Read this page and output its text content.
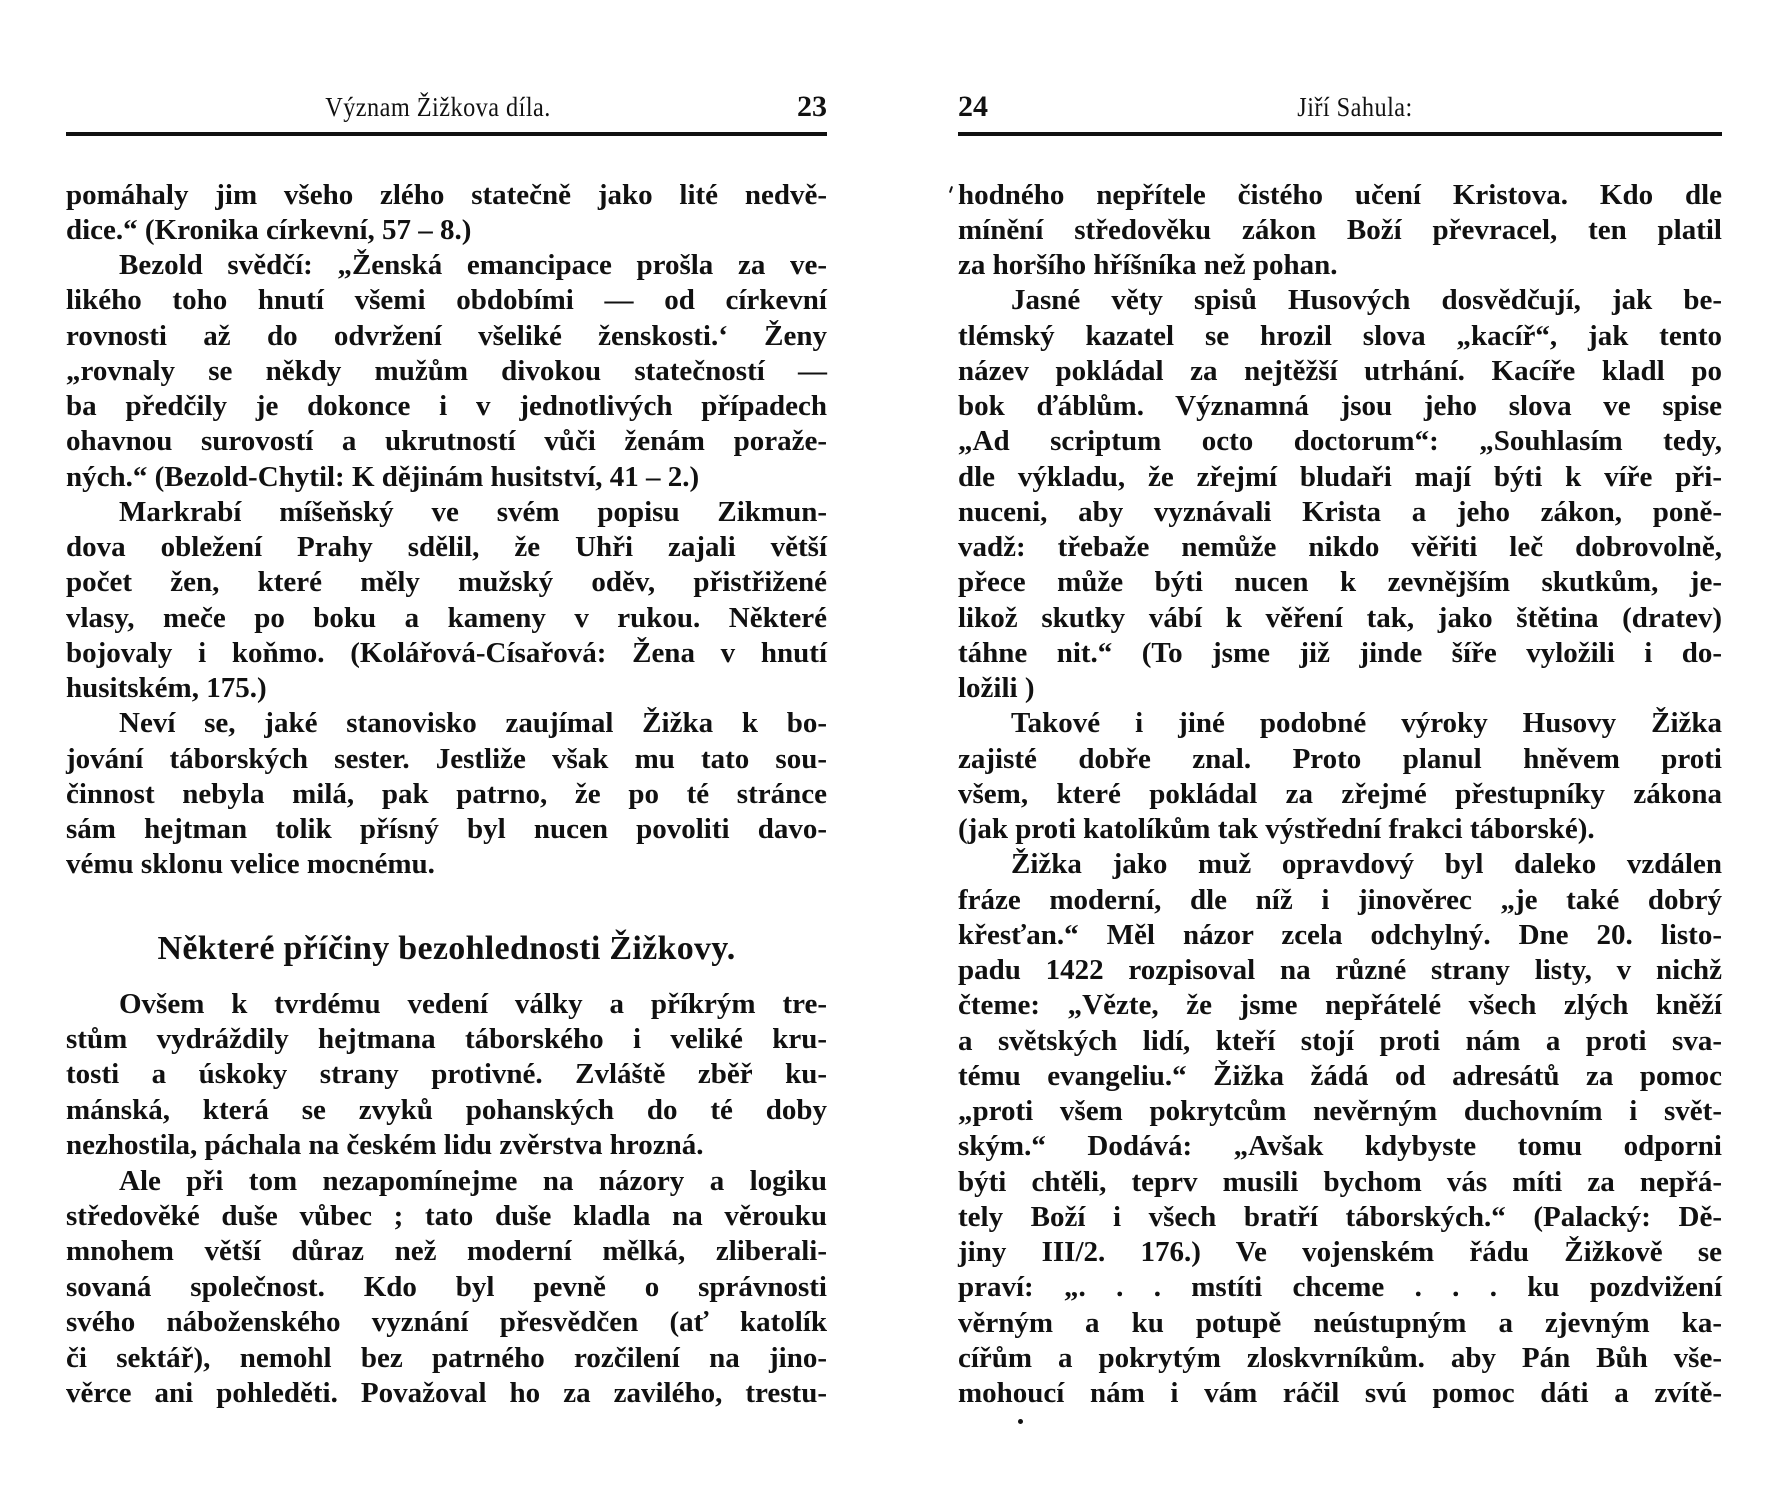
Význam Žižkova díla.	23
pomáhaly jim všeho zlého statečně jako lité nedvě-
dice.“ (Kronika církevní, 57 – 8.)
Bezold svědčí: „Ženská emancipace prošla za ve-
likého toho hnutí všemi obdobími — od církevní
rovnosti až do odvržení všeliké ženskosti.‘ Ženy
„rovnaly se někdy mužům divokou statečností —
ba předčily je dokonce i v jednotlivých případech
ohavnou surovostí a ukrutností vůči ženám poraže-
ných.“ (Bezold-Chytil: K dějinám husitství, 41 – 2.)
Markrabí míšeňský ve svém popisu Zikmun-
dova obležení Prahy sdělil, že Uhři zajali větší
počet žen, které měly mužský oděv, přistřižené
vlasy, meče po boku a kameny v rukou. Některé
bojovaly i koňmo. (Kolářová-Císařová: Žena v hnutí
husitském, 175.)
Neví se, jaké stanovisko zaujímal Žižka k bo-
jování táborských sester. Jestliže však mu tato sou-
činnost nebyla milá, pak patrno, že po té stránce
sám hejtman tolik přísný byl nucen povoliti davo-
vému sklonu velice mocnému.
Některé příčiny bezohlednosti Žižkovy.
Ovšem k tvrdému vedení války a příkrým tre-
stům vydráždily hejtmana táborského i veliké kru-
tosti a úskoky strany protivné. Zvláště zběř ku-
mánská, která se zvyků pohanských do té doby
nezhostila, páchala na českém lidu zvěrstva hrozná.
Ale při tom nezapomínejme na názory a logiku
středověké duše vůbec ; tato duše kladla na věrouku
mnohem větší důraz než moderní mělká, zliberali-
sovaná společnost. Kdo byl pevně o správnosti
svého náboženského vyznání přesvědčen (ať katolík
či sektář), nemohl bez patrného rozčilení na jino-
věrce ani pohleděti. Považoval ho za zavilého, trestu-
24	Jiří Sahula:
hodného nepřítele čistého učení Kristova. Kdo dle
mínění středověku zákon Boží převracel, ten platil
za horšího hříšníka než pohan.
Jasné věty spisů Husových dosvědčují, jak be-
tlémský kazatel se hrozil slova „kacíř“, jak tento
název pokládal za nejtěžší utrhání. Kacíře kladl po
bok ďáblům. Významná jsou jeho slova ve spise
„Ad scriptum octo doctorum“: „Souhlasím tedy,
dle výkladu, že zřejmí bludaři mají býti k víře při-
nuceni, aby vyznávali Krista a jeho zákon, poně-
vadž: třebaže nemůže nikdo věřiti leč dobrovolně,
přece může býti nucen k zevnějším skutkům, je-
likož skutky vábí k věření tak, jako štětina (dratev)
táhne nit.“ (To jsme již jinde šíře vyložili i do-
ložili )
Takové i jiné podobné výroky Husovy Žižka
zajisté dobře znal. Proto planul hněvem proti
všem, které pokládal za zřejmé přestupníky zákona
(jak proti katolíkům tak výstřední frakci táborské).
Žižka jako muž opravdový byl daleko vzdálen
fráze moderní, dle níž i jinověrec „je také dobrý
křesťan.“ Měl názor zcela odchylný. Dne 20. listo-
padu 1422 rozpisoval na různé strany listy, v nichž
čteme: „Vězte, že jsme nepřátelé všech zlých kněží
a světských lidí, kteří stojí proti nám a proti sva-
tému evangeliu.“ Žižka žádá od adresátů za pomoc
„proti všem pokrytcům nevěrným duchovním i svět-
ským.“ Dodává: „Avšak kdybyste tomu odporni
býti chtěli, teprv musili bychom vás míti za nepřá-
tely Boží i všech bratří táborských.“ (Palacký: Dě-
jiny III/2. 176.) Ve vojenském řádu Žižkově se
praví: „. . . mstíti chceme . . . ku pozdvižení
věrným a ku potupě neústupným a zjevným ka-
cířům a pokrytým zloskvrníkům. aby Pán Bůh vše-
mohoucí nám i vám ráčil svú pomoc dáti a zvítě-
